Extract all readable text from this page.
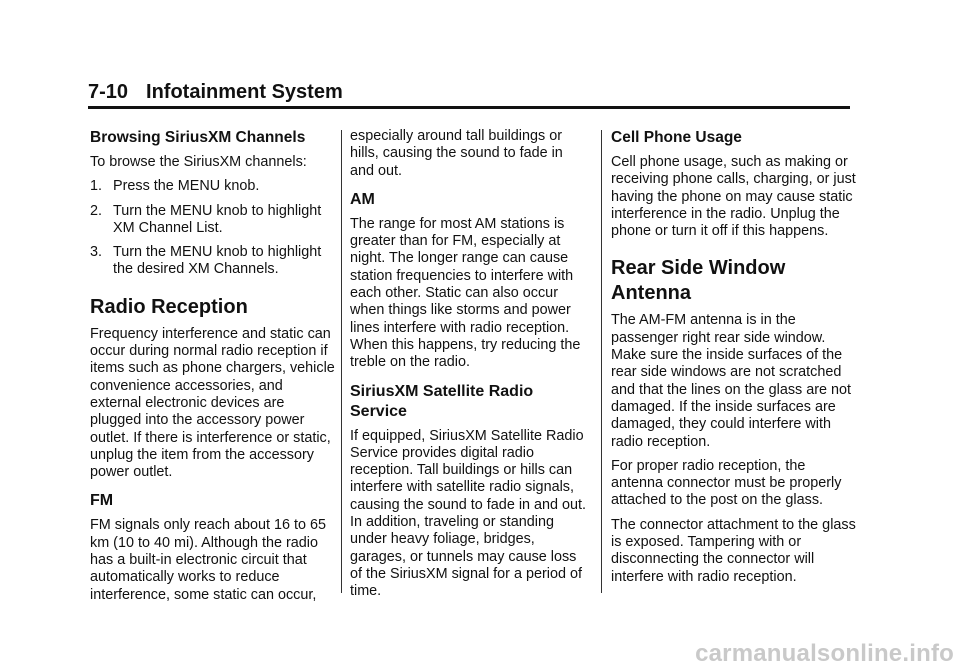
7-10 Infotainment System
Browsing SiriusXM Channels

To browse the SiriusXM channels:

1. Press the MENU knob.
2. Turn the MENU knob to highlight XM Channel List.
3. Turn the MENU knob to highlight the desired XM Channels.
Radio Reception

Frequency interference and static can occur during normal radio reception if items such as phone chargers, vehicle convenience accessories, and external electronic devices are plugged into the accessory power outlet. If there is interference or static, unplug the item from the accessory power outlet.

FM

FM signals only reach about 16 to 65 km (10 to 40 mi). Although the radio has a built-in electronic circuit that automatically works to reduce interference, some static can occur,

especially around tall buildings or hills, causing the sound to fade in and out.

AM

The range for most AM stations is greater than for FM, especially at night. The longer range can cause station frequencies to interfere with each other. Static can also occur when things like storms and power lines interfere with radio reception. When this happens, try reducing the treble on the radio.

SiriusXM Satellite Radio Service

If equipped, SiriusXM Satellite Radio Service provides digital radio reception. Tall buildings or hills can interfere with satellite radio signals, causing the sound to fade in and out. In addition, traveling or standing under heavy foliage, bridges, garages, or tunnels may cause loss of the SiriusXM signal for a period of time.

Cell Phone Usage

Cell phone usage, such as making or receiving phone calls, charging, or just having the phone on may cause static interference in the radio. Unplug the phone or turn it off if this happens.

Rear Side Window Antenna

The AM-FM antenna is in the passenger right rear side window. Make sure the inside surfaces of the rear side windows are not scratched and that the lines on the glass are not damaged. If the inside surfaces are damaged, they could interfere with radio reception.

For proper radio reception, the antenna connector must be properly attached to the post on the glass.

The connector attachment to the glass is exposed. Tampering with or disconnecting the connector will interfere with radio reception.

carmanualsonline.info
